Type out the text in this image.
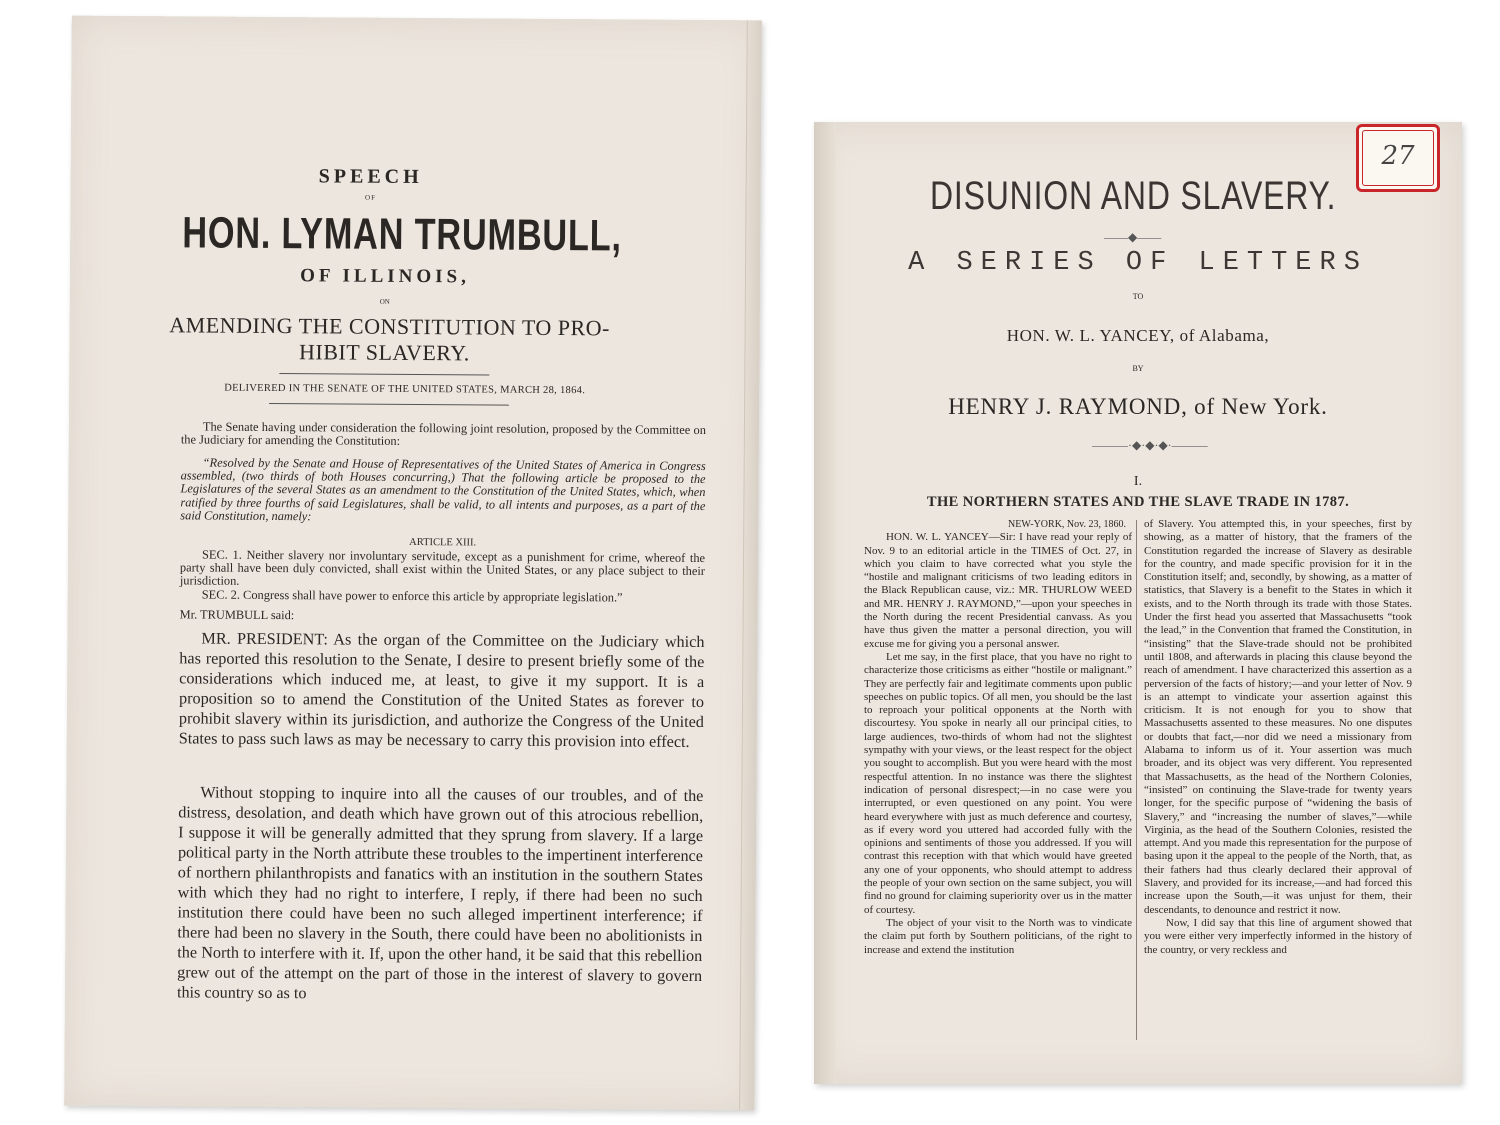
SPEECH
OF
HON. LYMAN TRUMBULL,
OF ILLINOIS,
ON
AMENDING THE CONSTITUTION TO PRO-
HIBIT SLAVERY.
DELIVERED IN THE SENATE OF THE UNITED STATES, MARCH 28, 1864.

The Senate having under consideration the following joint resolution, proposed by the Committee on the Judiciary for amending the Constitution:

“Resolved by the Senate and House of Representatives of the United States of America in Congress assembled, (two thirds of both Houses concurring,) That the following article be proposed to the Legislatures of the several States as an amendment to the Constitution of the United States, which, when ratified by three fourths of said Legislatures, shall be valid, to all intents and purposes, as a part of the said Constitution, namely:

ARTICLE XIII.

SEC. 1. Neither slavery nor involuntary servitude, except as a punishment for crime, whereof the party shall have been duly convicted, shall exist within the United States, or any place subject to their jurisdiction.

SEC. 2. Congress shall have power to enforce this article by appropriate legislation.”

Mr. TRUMBULL said:

MR. PRESIDENT: As the organ of the Committee on the Judiciary which has reported this resolution to the Senate, I desire to present briefly some of the considerations which induced me, at least, to give it my support. It is a proposition so to amend the Constitution of the United States as forever to prohibit slavery within its jurisdiction, and authorize the Congress of the United States to pass such laws as may be necessary to carry this provision into effect.

Without stopping to inquire into all the causes of our troubles, and of the distress, desolation, and death which have grown out of this atrocious rebellion, I suppose it will be generally admitted that they sprung from slavery. If a large political party in the North attribute these troubles to the impertinent interference of northern philanthropists and fanatics with an institution in the southern States with which they had no right to interfere, I reply, if there had been no such institution there could have been no such alleged impertinent interference; if there had been no slavery in the South, there could have been no abolitionists in the North to interfere with it. If, upon the other hand, it be said that this rebellion grew out of the attempt on the part of those in the interest of slavery to govern this country so as to

27
DISUNION AND SLAVERY.
——◆——
A SERIES OF LETTERS
TO
HON. W. L. YANCEY, of Alabama,
BY
HENRY J. RAYMOND, of New York.
———·◆·◆·◆·———
I.
THE NORTHERN STATES AND THE SLAVE TRADE IN 1787.

NEW-YORK, Nov. 23, 1860.

HON. W. L. YANCEY—Sir: I have read your reply of Nov. 9 to an editorial article in the TIMES of Oct. 27, in which you claim to have corrected what you style the “hostile and malignant criticisms of two leading editors in the Black Republican cause, viz.: MR. THURLOW WEED and MR. HENRY J. RAYMOND,”—upon your speeches in the North during the recent Presidential canvass. As you have thus given the matter a personal direction, you will excuse me for giving you a personal answer.

Let me say, in the first place, that you have no right to characterize those criticisms as either “hostile or malignant.” They are perfectly fair and legitimate comments upon public speeches on public topics. Of all men, you should be the last to reproach your political opponents at the North with discourtesy. You spoke in nearly all our principal cities, to large audiences, two-thirds of whom had not the slightest sympathy with your views, or the least respect for the object you sought to accomplish. But you were heard with the most respectful attention. In no instance was there the slightest indication of personal disrespect;—in no case were you interrupted, or even questioned on any point. You were heard everywhere with just as much deference and courtesy, as if every word you uttered had accorded fully with the opinions and sentiments of those you addressed. If you will contrast this reception with that which would have greeted any one of your opponents, who should attempt to address the people of your own section on the same subject, you will find no ground for claiming superiority over us in the matter of courtesy.

The object of your visit to the North was to vindicate the claim put forth by Southern politicians, of the right to increase and extend the institution

of Slavery. You attempted this, in your speeches, first by showing, as a matter of history, that the framers of the Constitution regarded the increase of Slavery as desirable for the country, and made specific provision for it in the Constitution itself; and, secondly, by showing, as a matter of statistics, that Slavery is a benefit to the States in which it exists, and to the North through its trade with those States. Under the first head you asserted that Massachusetts “took the lead,” in the Convention that framed the Constitution, in “insisting” that the Slave-trade should not be prohibited until 1808, and afterwards in placing this clause beyond the reach of amendment. I have characterized this assertion as a perversion of the facts of history;—and your letter of Nov. 9 is an attempt to vindicate your assertion against this criticism. It is not enough for you to show that Massachusetts assented to these measures. No one disputes or doubts that fact,—nor did we need a missionary from Alabama to inform us of it. Your assertion was much broader, and its object was very different. You represented that Massachusetts, as the head of the Northern Colonies, “insisted” on continuing the Slave-trade for twenty years longer, for the specific purpose of “widening the basis of Slavery,” and “increasing the number of slaves,”—while Virginia, as the head of the Southern Colonies, resisted the attempt. And you made this representation for the purpose of basing upon it the appeal to the people of the North, that, as their fathers had thus clearly declared their approval of Slavery, and provided for its increase,—and had forced this increase upon the South,—it was unjust for them, their descendants, to denounce and restrict it now.

Now, I did say that this line of argument showed that you were either very imperfectly informed in the history of the country, or very reckless and
